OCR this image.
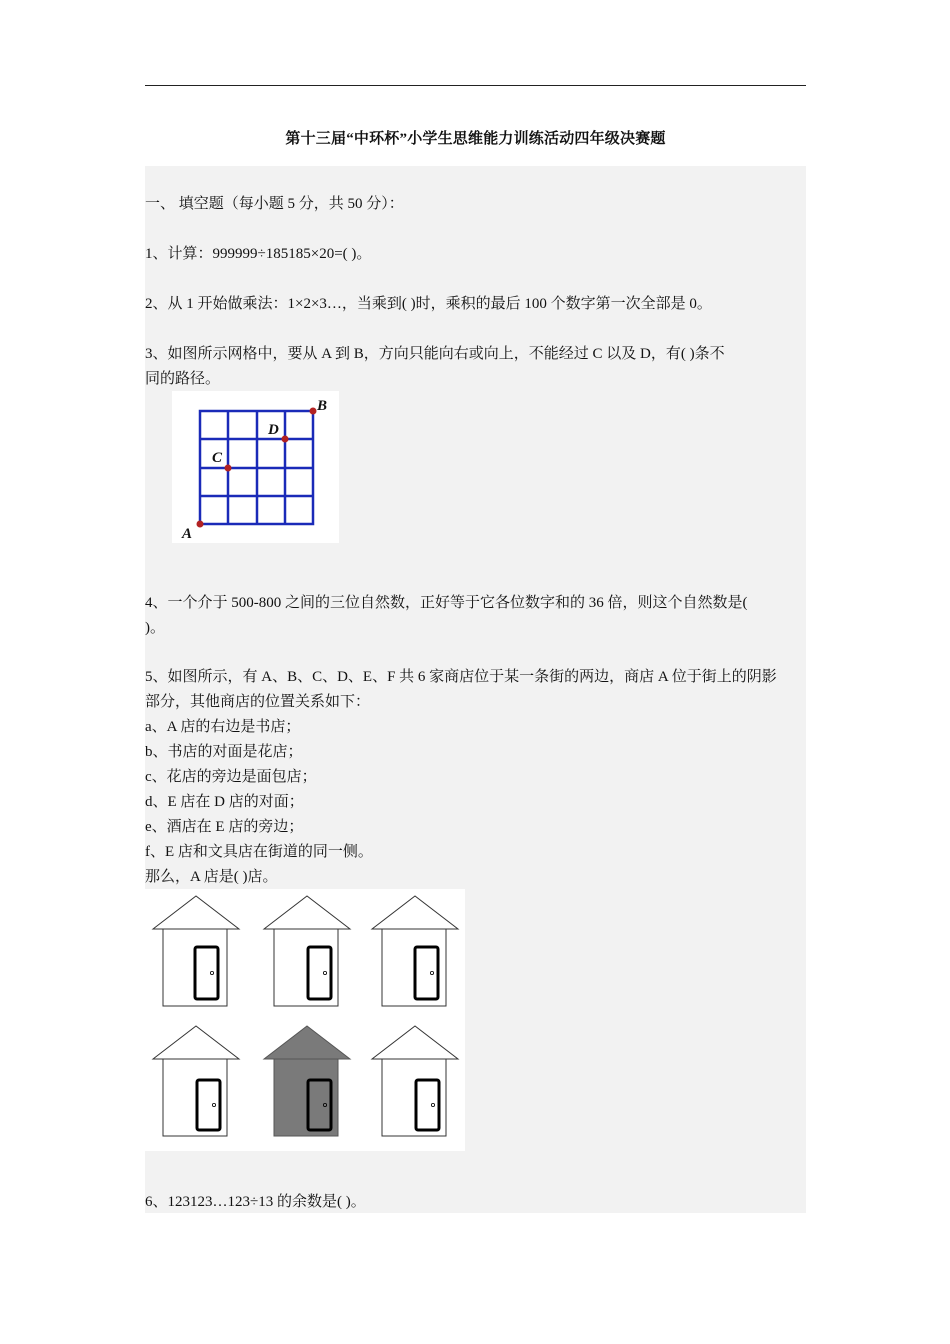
第十三届“中环杯”小学生思维能力训练活动四年级决赛题
一、 填空题（每小题 5 分，共 50 分）：
1、计算：999999÷185185×20=( )。
2、从 1 开始做乘法：1×2×3…，当乘到( )时，乘积的最后 100 个数字第一次全部是 0。
3、如图所示网格中，要从 A 到 B，方向只能向右或向上，不能经过 C 以及 D，有( )条不
同的路径。
A
B
C
D
4、一个介于 500-800 之间的三位自然数，正好等于它各位数字和的 36 倍，则这个自然数是(
)。
5、如图所示，有 A、B、C、D、E、F 共 6 家商店位于某一条街的两边，商店 A 位于街上的阴影
部分，其他商店的位置关系如下：
a、A 店的右边是书店；
b、书店的对面是花店；
c、花店的旁边是面包店；
d、E 店在 D 店的对面；
e、酒店在 E 店的旁边；
f、E 店和文具店在街道的同一侧。
那么，A 店是( )店。
6、123123…123÷13 的余数是( )。
